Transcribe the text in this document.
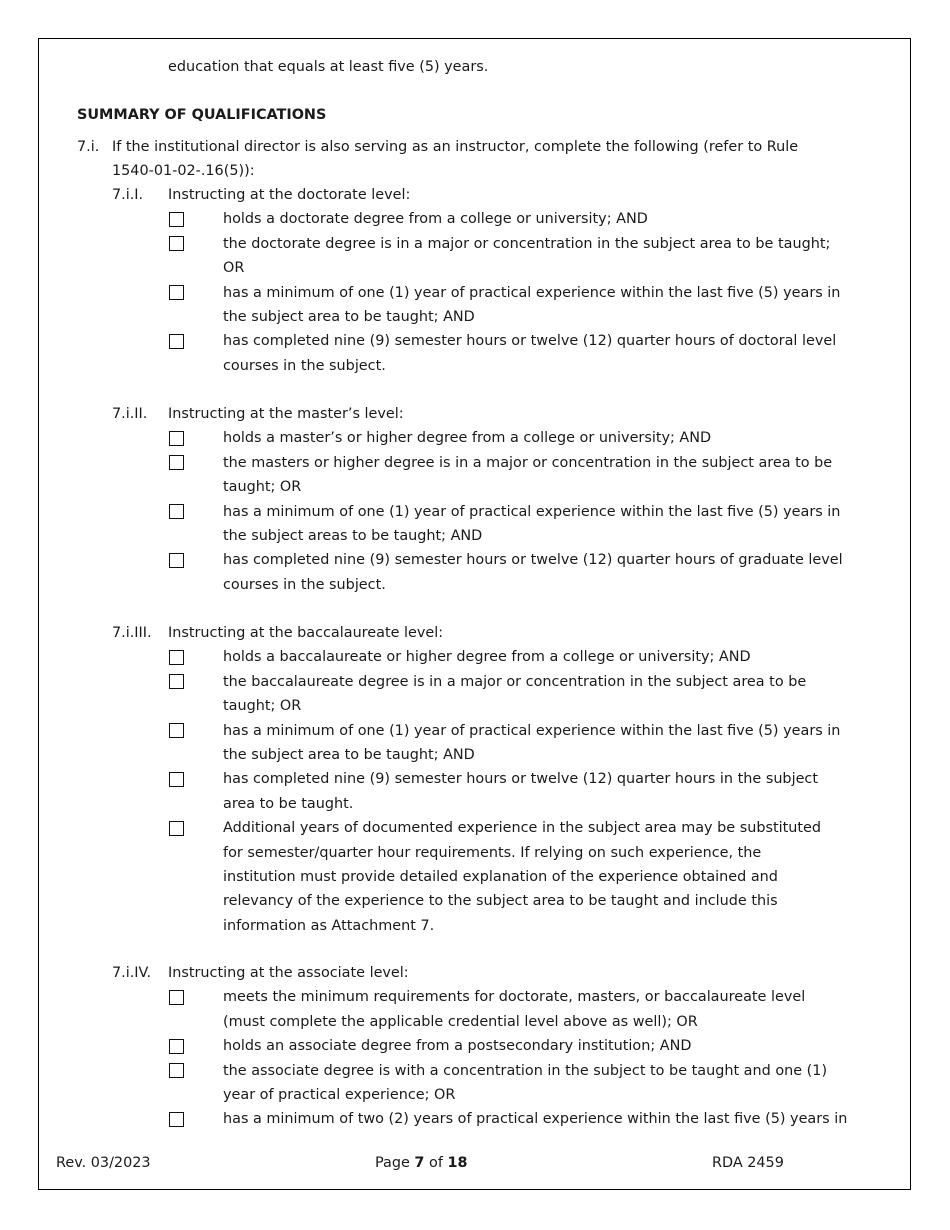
education that equals at least five (5) years.
SUMMARY OF QUALIFICATIONS
7.i. If the institutional director is also serving as an instructor, complete the following (refer to Rule
1540-01-02-.16(5)):
7.i.I. Instructing at the doctorate level:
holds a doctorate degree from a college or university; AND
the doctorate degree is in a major or concentration in the subject area to be taught;
OR
has a minimum of one (1) year of practical experience within the last five (5) years in
the subject area to be taught; AND
has completed nine (9) semester hours or twelve (12) quarter hours of doctoral level
courses in the subject.
7.i.II. Instructing at the master’s level:
holds a master’s or higher degree from a college or university; AND
the masters or higher degree is in a major or concentration in the subject area to be
taught; OR
has a minimum of one (1) year of practical experience within the last five (5) years in
the subject areas to be taught; AND
has completed nine (9) semester hours or twelve (12) quarter hours of graduate level
courses in the subject.
7.i.III. Instructing at the baccalaureate level:
holds a baccalaureate or higher degree from a college or university; AND
the baccalaureate degree is in a major or concentration in the subject area to be
taught; OR
has a minimum of one (1) year of practical experience within the last five (5) years in
the subject area to be taught; AND
has completed nine (9) semester hours or twelve (12) quarter hours in the subject
area to be taught.
Additional years of documented experience in the subject area may be substituted
for semester/quarter hour requirements. If relying on such experience, the
institution must provide detailed explanation of the experience obtained and
relevancy of the experience to the subject area to be taught and include this
information as Attachment 7.
7.i.IV. Instructing at the associate level:
meets the minimum requirements for doctorate, masters, or baccalaureate level
(must complete the applicable credential level above as well); OR
holds an associate degree from a postsecondary institution; AND
the associate degree is with a concentration in the subject to be taught and one (1)
year of practical experience; OR
has a minimum of two (2) years of practical experience within the last five (5) years in
Rev. 03/2023	Page 7 of 18	RDA 2459
